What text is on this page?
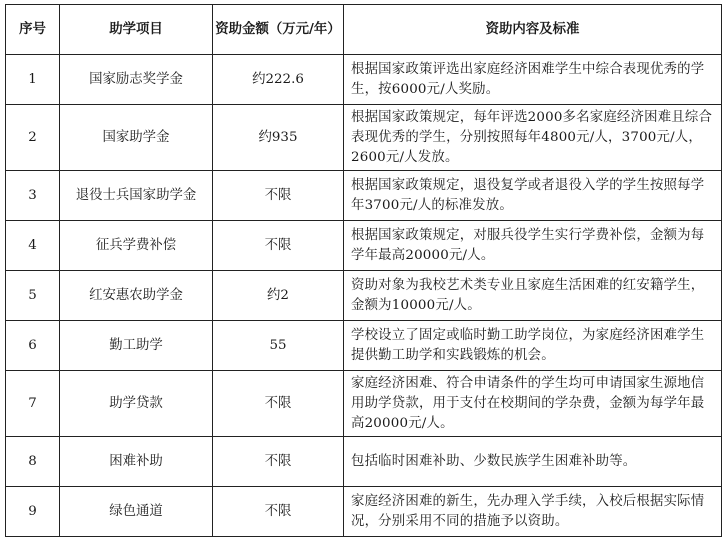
序号	助学项目	资助金额（万元/年）	资助内容及标准
1	国家励志奖学金	约222.6	根据国家政策评选出家庭经济困难学生中综合表现优秀的学生，按6000元/人奖励。
2	国家助学金	约935	根据国家政策规定，每年评选2000多名家庭经济困难且综合表现优秀的学生，分别按照每年4800元/人，3700元/人，2600元/人发放。
3	退役士兵国家助学金	不限	根据国家政策规定，退役复学或者退役入学的学生按照每学年3700元/人的标准发放。
4	征兵学费补偿	不限	根据国家政策规定，对服兵役学生实行学费补偿，金额为每学年最高20000元/人。
5	红安惠农助学金	约2	资助对象为我校艺术类专业且家庭生活困难的红安籍学生，金额为10000元/人。
6	勤工助学	55	学校设立了固定或临时勤工助学岗位，为家庭经济困难学生提供勤工助学和实践锻炼的机会。
7	助学贷款	不限	家庭经济困难、符合申请条件的学生均可申请国家生源地信用助学贷款，用于支付在校期间的学杂费，金额为每学年最高20000元/人。
8	困难补助	不限	包括临时困难补助、少数民族学生困难补助等。
9	绿色通道	不限	家庭经济困难的新生，先办理入学手续，入校后根据实际情况，分别采用不同的措施予以资助。
